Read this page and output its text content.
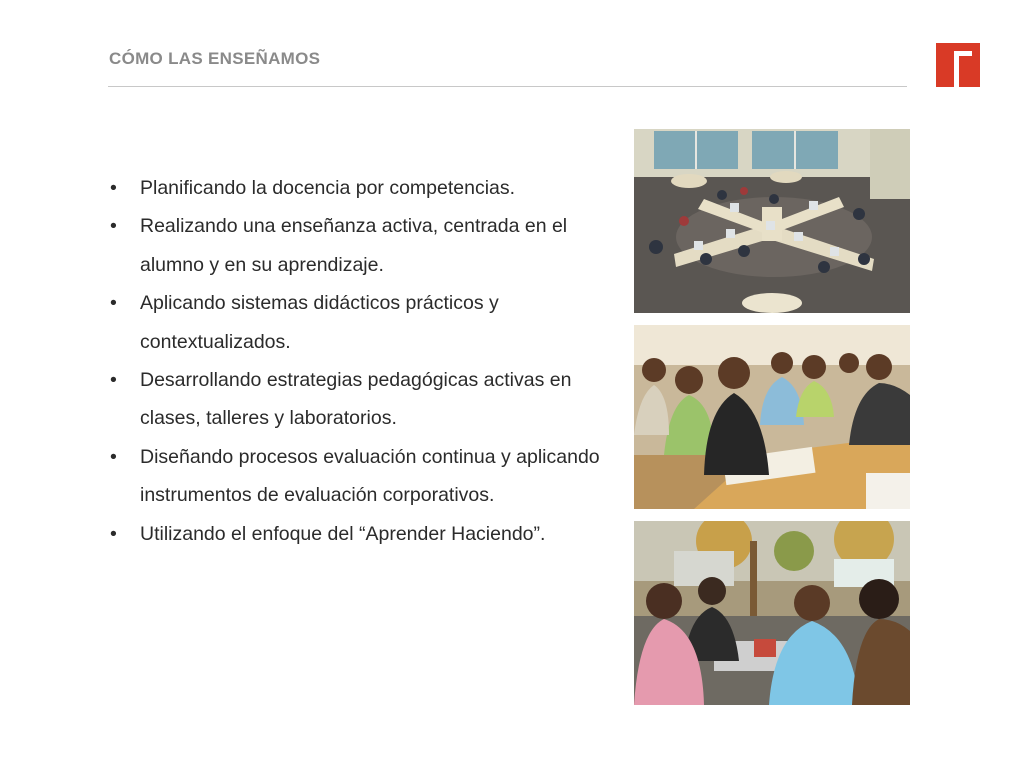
CÓMO LAS ENSEÑAMOS
• Planificando la docencia por competencias.
• Realizando una enseñanza activa, centrada en el alumno y en su aprendizaje.
• Aplicando sistemas didácticos prácticos y contextualizados.
• Desarrollando estrategias pedagógicas activas en clases, talleres y laboratorios.
• Diseñando procesos evaluación continua y aplicando instrumentos de evaluación corporativos.
• Utilizando el enfoque del “Aprender Haciendo”.
